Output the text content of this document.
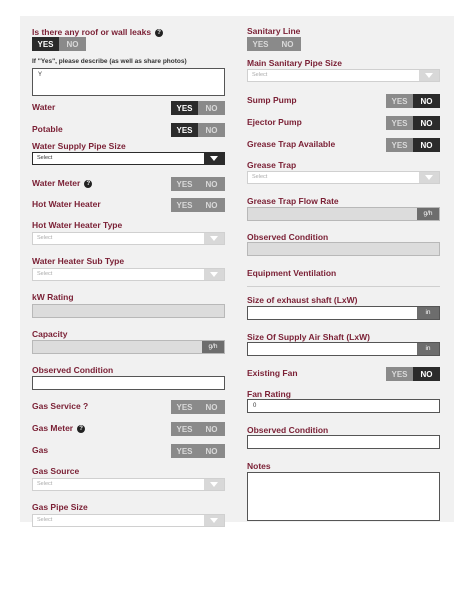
Is there any roof or wall leaks ?
YES	NO
If "Yes", please describe (as well as share photos)
Y
Water	YES	NO
Potable	YES	NO
Water Supply Pipe Size
Select
Water Meter ?	YES	NO
Hot Water Heater	YES	NO
Hot Water Heater Type
Select
Water Heater Sub Type
Select
kW Rating
Capacity
g/h
Observed Condition
Gas Service ?	YES	NO
Gas Meter ?	YES	NO
Gas	YES	NO
Gas Source
Select
Gas Pipe Size
Select
Sanitary Line
YES	NO
Main Sanitary Pipe Size
Select
Sump Pump	YES	NO
Ejector Pump	YES	NO
Grease Trap Available	YES	NO
Grease Trap
Select
Grease Trap Flow Rate
g/h
Observed Condition
Equipment Ventilation
Size of exhaust shaft (LxW)
in
Size Of Supply Air Shaft (LxW)
in
Existing Fan	YES	NO
Fan Rating
0
Observed Condition
Notes
